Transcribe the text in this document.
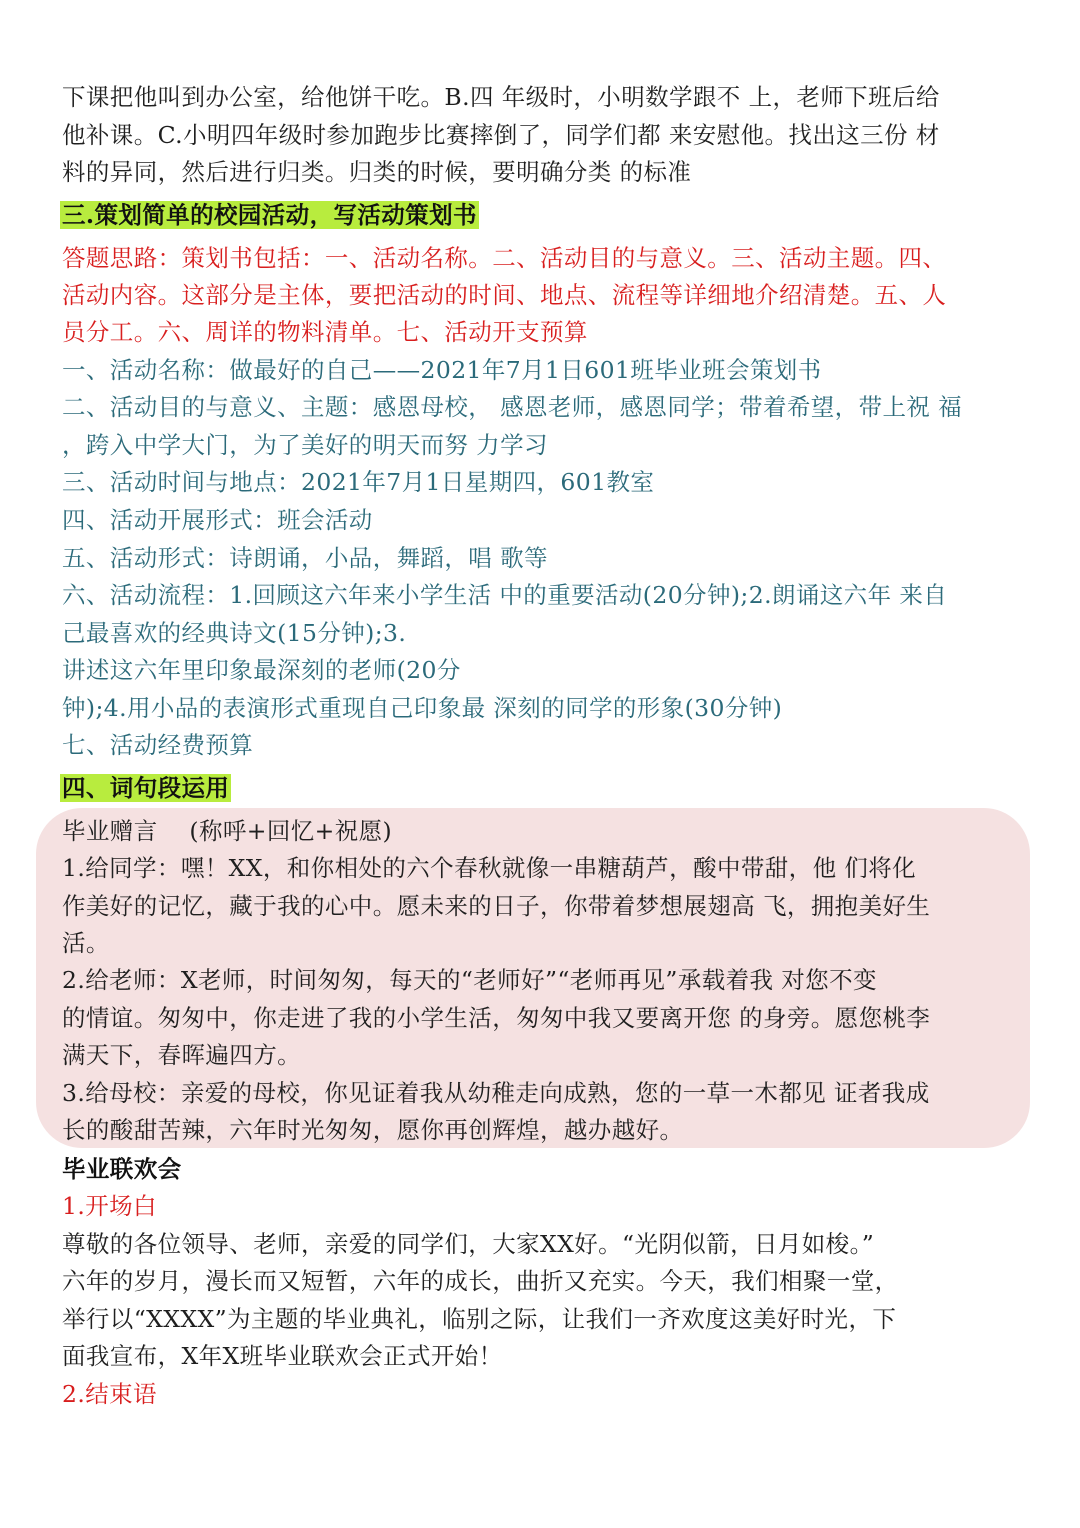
下课把他叫到办公室，给他饼干吃。B.四 年级时，小明数学跟不 上，老师下班后给
他补课。C.小明四年级时参加跑步比赛摔倒了，同学们都 来安慰他。找出这三份 材
料的异同，然后进行归类。归类的时候，要明确分类 的标准
三.策划简单的校园活动，写活动策划书
答题思路：策划书包括：一、活动名称。二、活动目的与意义。三、活动主题。四、
活动内容。这部分是主体，要把活动的时间、地点、流程等详细地介绍清楚。五、人
员分工。六、周详的物料清单。七、活动开支预算
一、活动名称：做最好的自己——2021年7月1日601班毕业班会策划书
二、活动目的与意义、主题：感恩母校， 感恩老师，感恩同学；带着希望，带上祝 福
，跨入中学大门，为了美好的明天而努 力学习
三、活动时间与地点：2021年7月1日星期四，601教室
四、活动开展形式：班会活动
五、活动形式：诗朗诵，小品，舞蹈，唱 歌等
六、活动流程：1.回顾这六年来小学生活 中的重要活动(20分钟);2.朗诵这六年 来自
己最喜欢的经典诗文(15分钟);3.
讲述这六年里印象最深刻的老师(20分
钟);4.用小品的表演形式重现自己印象最 深刻的同学的形象(30分钟)
七、活动经费预算
四、词句段运用
毕业赠言　 (称呼+回忆+祝愿)
1.给同学：嘿！XX，和你相处的六个春秋就像一串糖葫芦，酸中带甜，他 们将化
作美好的记忆，藏于我的心中。愿未来的日子，你带着梦想展翅高 飞，拥抱美好生
活。
2.给老师：X老师，时间匆匆，每天的“老师好”“老师再见”承载着我 对您不变
的情谊。匆匆中，你走进了我的小学生活，匆匆中我又要离开您 的身旁。愿您桃李
满天下，春晖遍四方。
3.给母校：亲爱的母校，你见证着我从幼稚走向成熟，您的一草一木都见 证者我成
长的酸甜苦辣，六年时光匆匆，愿你再创辉煌，越办越好。
毕业联欢会
1.开场白
尊敬的各位领导、老师，亲爱的同学们，大家XX好。“光阴似箭，日月如梭。”
六年的岁月，漫长而又短暂，六年的成长，曲折又充实。今天，我们相聚一堂，
举行以“XXXX”为主题的毕业典礼，临别之际，让我们一齐欢度这美好时光，下
面我宣布，X年X班毕业联欢会正式开始！
2.结束语
